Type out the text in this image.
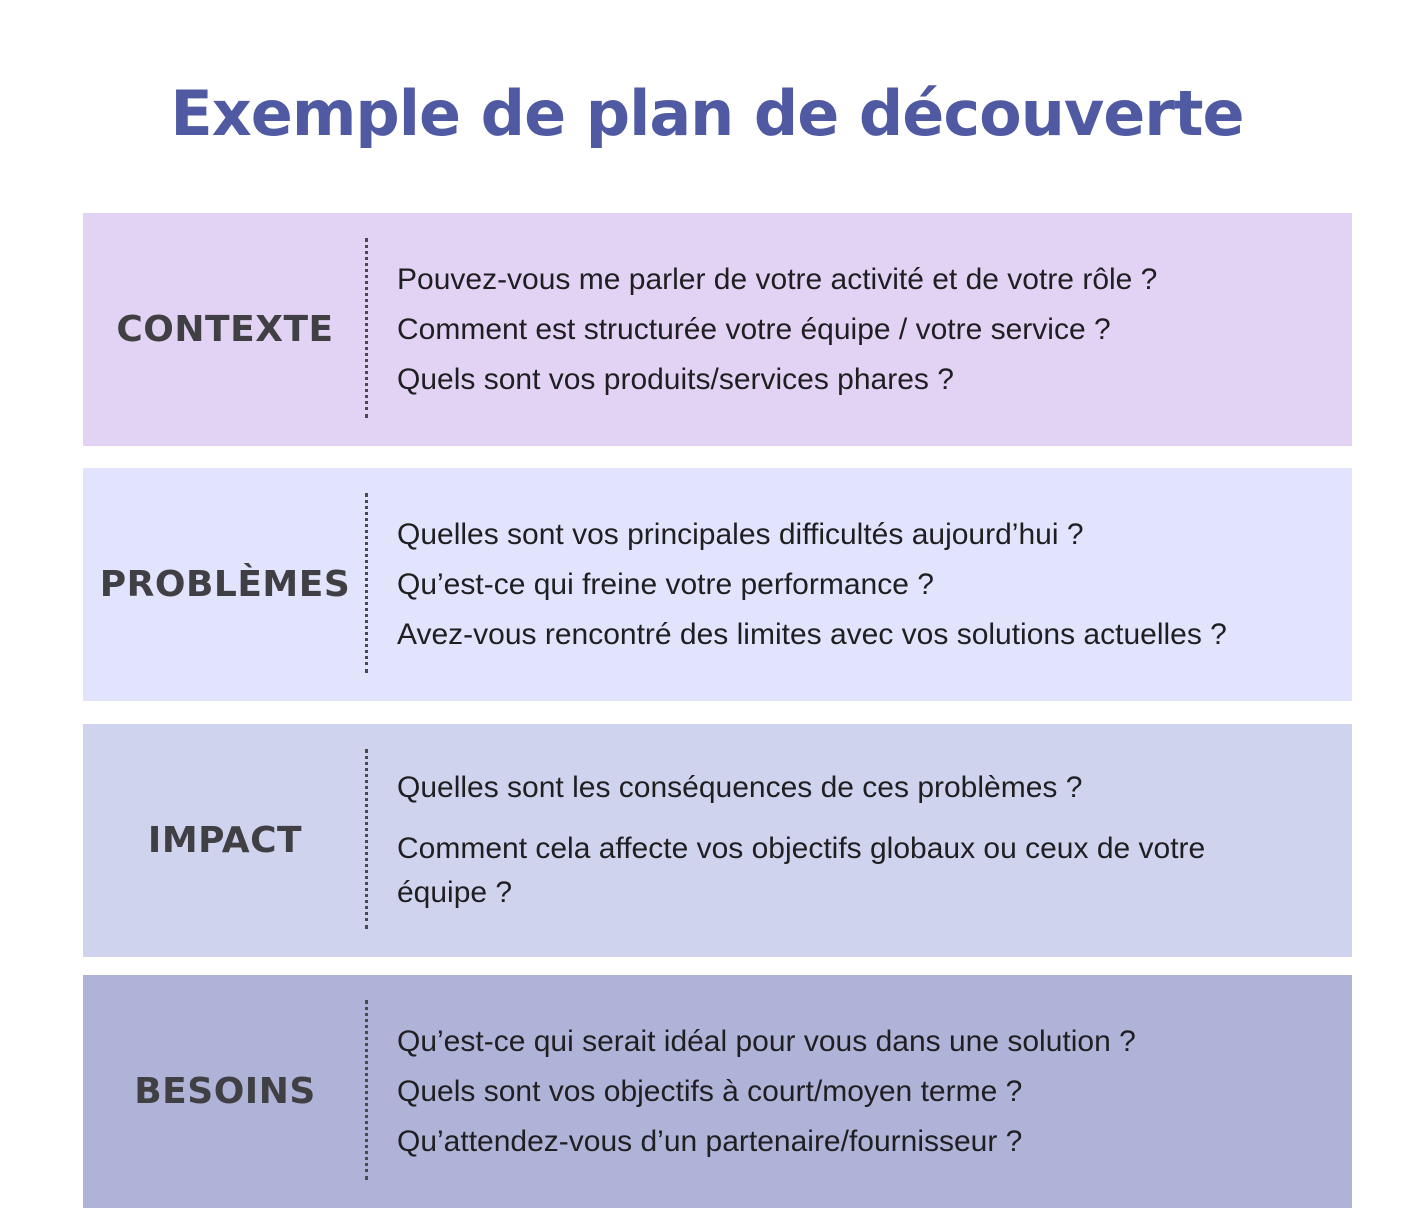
Exemple de plan de découverte
CONTEXTE
Pouvez-vous me parler de votre activité et de votre rôle ?
Comment est structurée votre équipe / votre service ?
Quels sont vos produits/services phares ?
PROBLÈMES
Quelles sont vos principales difficultés aujourd’hui ?
Qu’est-ce qui freine votre performance ?
Avez-vous rencontré des limites avec vos solutions actuelles ?
IMPACT
Quelles sont les conséquences de ces problèmes ?
Comment cela affecte vos objectifs globaux ou ceux de votre équipe ?
BESOINS
Qu’est-ce qui serait idéal pour vous dans une solution ?
Quels sont vos objectifs à court/moyen terme ?
Qu’attendez-vous d’un partenaire/fournisseur ?
